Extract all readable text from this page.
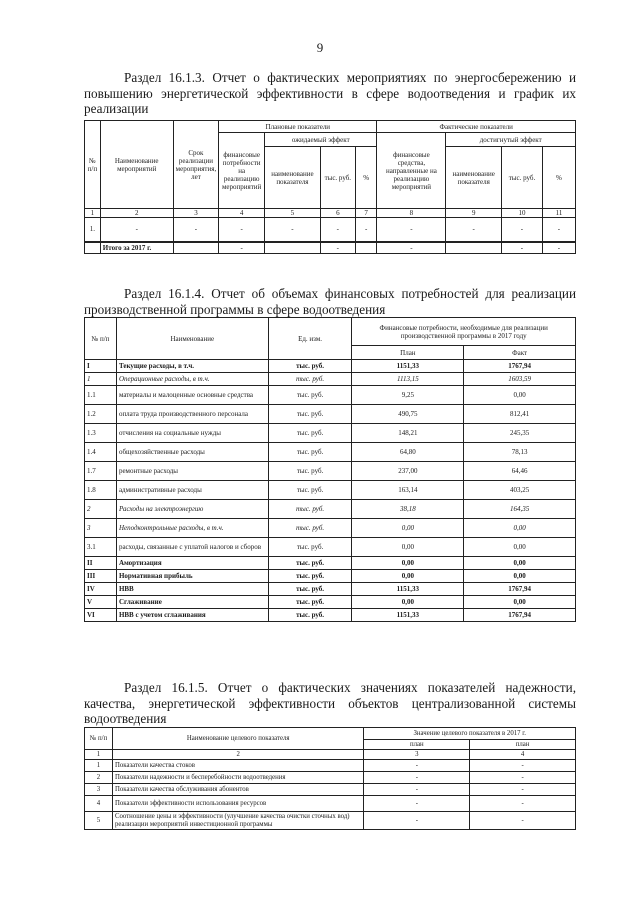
9
Раздел 16.1.3. Отчет о фактических мероприятиях по энергосбережению и повышению энергетической эффективности в сфере водоотведения и график их реализации
№ п/п	Наименование мероприятий	Срок реализации мероприятия, лет	Плановые показатели				Фактические показатели			
			финансовые потребности на реализацию мероприятий	ожидаемый эффект			финансовые средства, направленные на реализацию мероприятий	достигнутый эффект		
				наименование показателя	тыс. руб.	%		наименование показателя	тыс. руб.	%
1	2	3	4	5	6	7	8	9	10	11
1.	-	-	-	-	-	-	-	-	-	-
	Итого за 2017 г.		-		-		-		-	-
Раздел 16.1.4. Отчет об объемах финансовых потребностей для реализации производственной программы в сфере водоотведения
№ п/п	Наименование	Ед. изм.	Финансовые потребности, необходимые для реализации производственной программы в 2017 году	
			План	Факт
I	Текущие расходы, в т.ч.	тыс. руб.	1151,33	1767,94
1	Операционные расходы, в т.ч.	тыс. руб.	1113,15	1603,59
1.1	материалы и малоценные основные средства	тыс. руб.	9,25	0,00
1.2	оплата труда производственного персонала	тыс. руб.	490,75	812,41
1.3	отчисления на социальные нужды	тыс. руб.	148,21	245,35
1.4	общехозяйственные расходы	тыс. руб.	64,80	78,13
1.7	ремонтные расходы	тыс. руб.	237,00	64,46
1.8	административные расходы	тыс. руб.	163,14	403,25
2	Расходы на электроэнергию	тыс. руб.	38,18	164,35
3	Неподконтрольные расходы, в т.ч.	тыс. руб.	0,00	0,00
3.1	расходы, связанные с уплатой налогов и сборов	тыс. руб.	0,00	0,00
II	Амортизация	тыс. руб.	0,00	0,00
III	Нормативная прибыль	тыс. руб.	0,00	0,00
IV	НВВ	тыс. руб.	1151,33	1767,94
V	Сглаживание	тыс. руб.	0,00	0,00
VI	НВВ с учетом сглаживания	тыс. руб.	1151,33	1767,94
Раздел 16.1.5. Отчет о фактических значениях показателей надежности, качества, энергетической эффективности объектов централизованной системы водоотведения
№ п/п	Наименование целевого показателя	Значение целевого показателя в 2017 г.	
		план	план
1	2	3	4
1	Показатели качества стоков	-	-
2	Показатели надежности и бесперебойности водоотведения	-	-
3	Показатели качества обслуживания абонентов	-	-
4	Показатели эффективности использования ресурсов	-	-
5	Соотношение цены и эффективности (улучшение качества очистки сточных вод) реализации мероприятий инвестиционной программы	-	-
